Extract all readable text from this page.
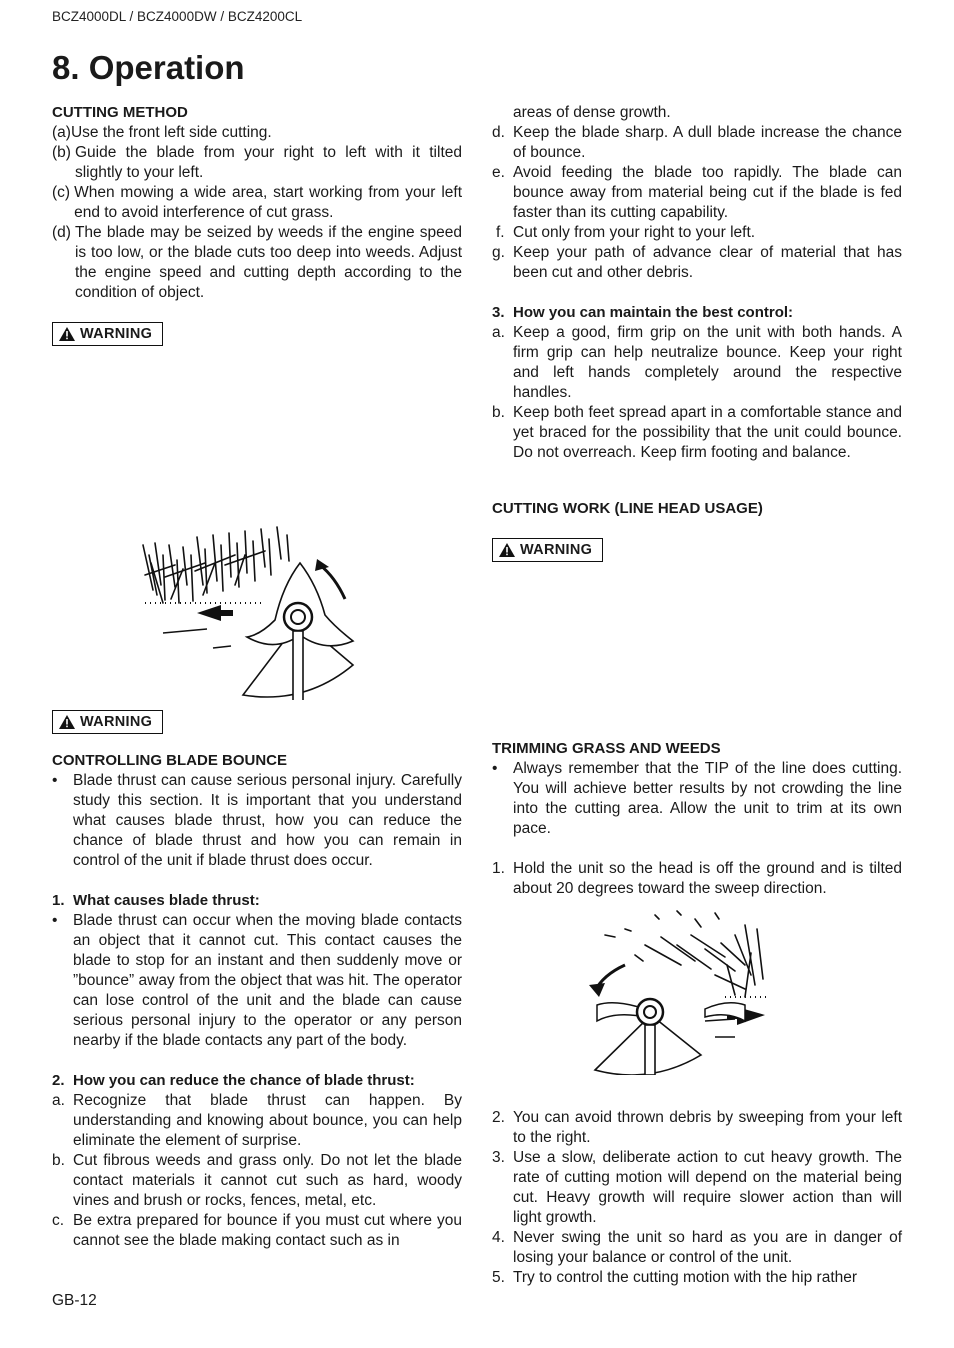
BCZ4000DL / BCZ4000DW / BCZ4200CL
8. Operation

CUTTING METHOD

(a) Use the front left side cutting.
(b) Guide the blade from your right to left with it tilted slightly to your left.
(c) When mowing a wide area, start working from your left end to avoid interference of cut grass.
(d) The blade may be seized by weeds if the engine speed is too low, or the blade cuts too deep into weeds. Adjust the engine speed and cutting depth according to the condition of object.
WARNING
WARNING

CONTROLLING BLADE BOUNCE

•	Blade thrust can cause serious personal injury. Carefully study this section. It is important that you understand what causes blade thrust, how you can reduce the chance of blade thrust and how you can remain in control of the unit if blade thrust does occur.
1. What causes blade thrust:
•	Blade thrust can occur when the moving blade contacts an object that it cannot cut. This contact causes the blade to stop for an instant and then suddenly move or ”bounce” away from the object that was hit. The operator can lose control of the unit and the blade can cause serious personal injury to the operator or any person nearby if the blade contacts any part of the body.
2. How you can reduce the chance of blade thrust:
a. Recognize that blade thrust can happen. By understanding and knowing about bounce, you can help eliminate the element of surprise.
b. Cut fibrous weeds and grass only. Do not let the blade contact materials it cannot cut such as hard, woody vines and brush or rocks, fences, metal, etc.
c. Be extra prepared for bounce if you must cut where you cannot see the blade making contact such as in

areas of dense growth.

d. Keep the blade sharp. A dull blade increase the chance of bounce.
e. Avoid feeding the blade too rapidly. The blade can bounce away from material being cut if the blade is fed faster than its cutting capability.
f. Cut only from your right to your left.
g. Keep your path of advance clear of material that has been cut and other debris.
3. How you can maintain the best control:
a. Keep a good, firm grip on the unit with both hands. A firm grip can help neutralize bounce. Keep your right and left hands completely around the respective handles.
b. Keep both feet spread apart in a comfortable stance and yet braced for the possibility that the unit could bounce. Do not overreach. Keep firm footing and balance.

CUTTING WORK (LINE HEAD USAGE)

WARNING

TRIMMING GRASS AND WEEDS

•	Always remember that the TIP of the line does cutting. You will achieve better results by not crowding the line into the cutting area. Allow the unit to trim at its own pace.
1. Hold the unit so the head is off the ground and is tilted about 20 degrees toward the sweep direction.
2. You can avoid thrown debris by sweeping from your left to the right.
3. Use a slow, deliberate action to cut heavy growth. The rate of cutting motion will depend on the material being cut. Heavy growth will require slower action than will light growth.
4. Never swing the unit so hard as you are in danger of losing your balance or control of the unit.
5. Try to control the cutting motion with the hip rather
GB-12
